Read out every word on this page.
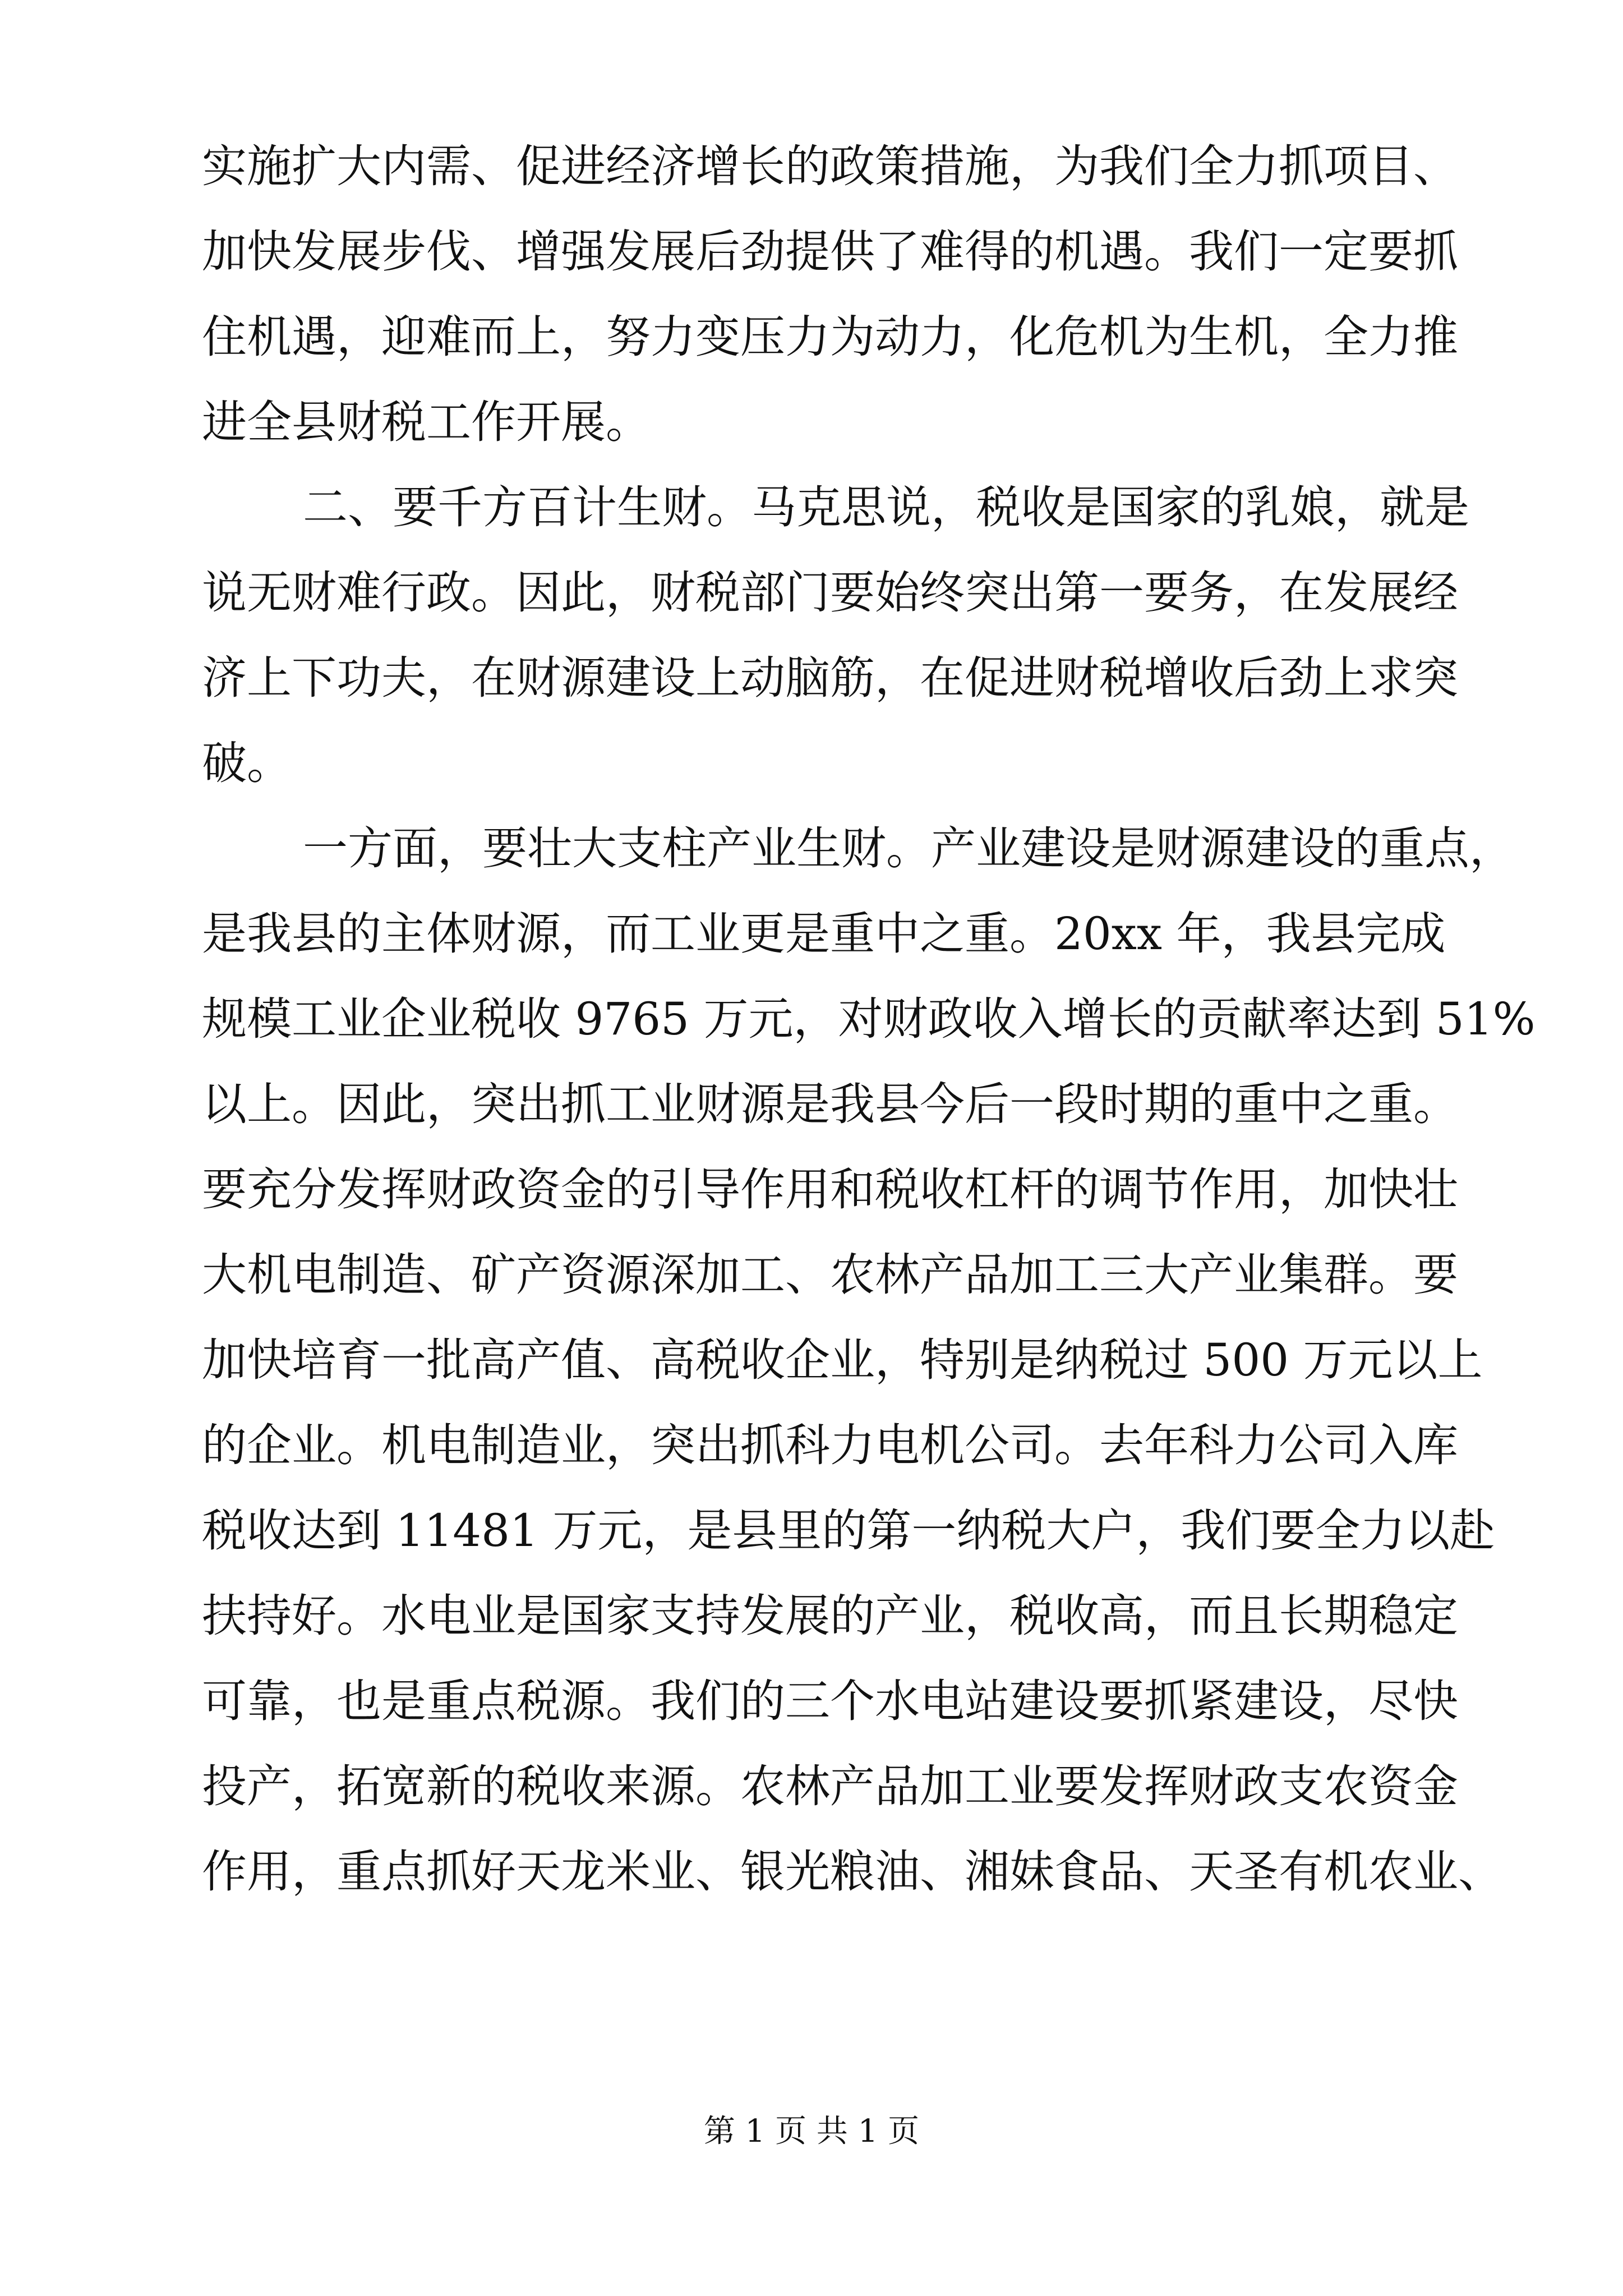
实施扩大内需、促进经济增长的政策措施，为我们全力抓项目、
加快发展步伐、增强发展后劲提供了难得的机遇。我们一定要抓
住机遇，迎难而上，努力变压力为动力，化危机为生机，全力推
进全县财税工作开展。
二、要千方百计生财。马克思说，税收是国家的乳娘，就是
说无财难行政。因此，财税部门要始终突出第一要务，在发展经
济上下功夫，在财源建设上动脑筋，在促进财税增收后劲上求突
破。
一方面，要壮大支柱产业生财。产业建设是财源建设的重点，
是我县的主体财源，而工业更是重中之重。20xx 年，我县完成
规模工业企业税收 9765 万元，对财政收入增长的贡献率达到 51%
以上。因此，突出抓工业财源是我县今后一段时期的重中之重。
要充分发挥财政资金的引导作用和税收杠杆的调节作用，加快壮
大机电制造、矿产资源深加工、农林产品加工三大产业集群。要
加快培育一批高产值、高税收企业，特别是纳税过 500 万元以上
的企业。机电制造业，突出抓科力电机公司。去年科力公司入库
税收达到 11481 万元，是县里的第一纳税大户，我们要全力以赴
扶持好。水电业是国家支持发展的产业，税收高，而且长期稳定
可靠，也是重点税源。我们的三个水电站建设要抓紧建设，尽快
投产，拓宽新的税收来源。农林产品加工业要发挥财政支农资金
作用，重点抓好天龙米业、银光粮油、湘妹食品、天圣有机农业、
第 1 页 共 1 页
